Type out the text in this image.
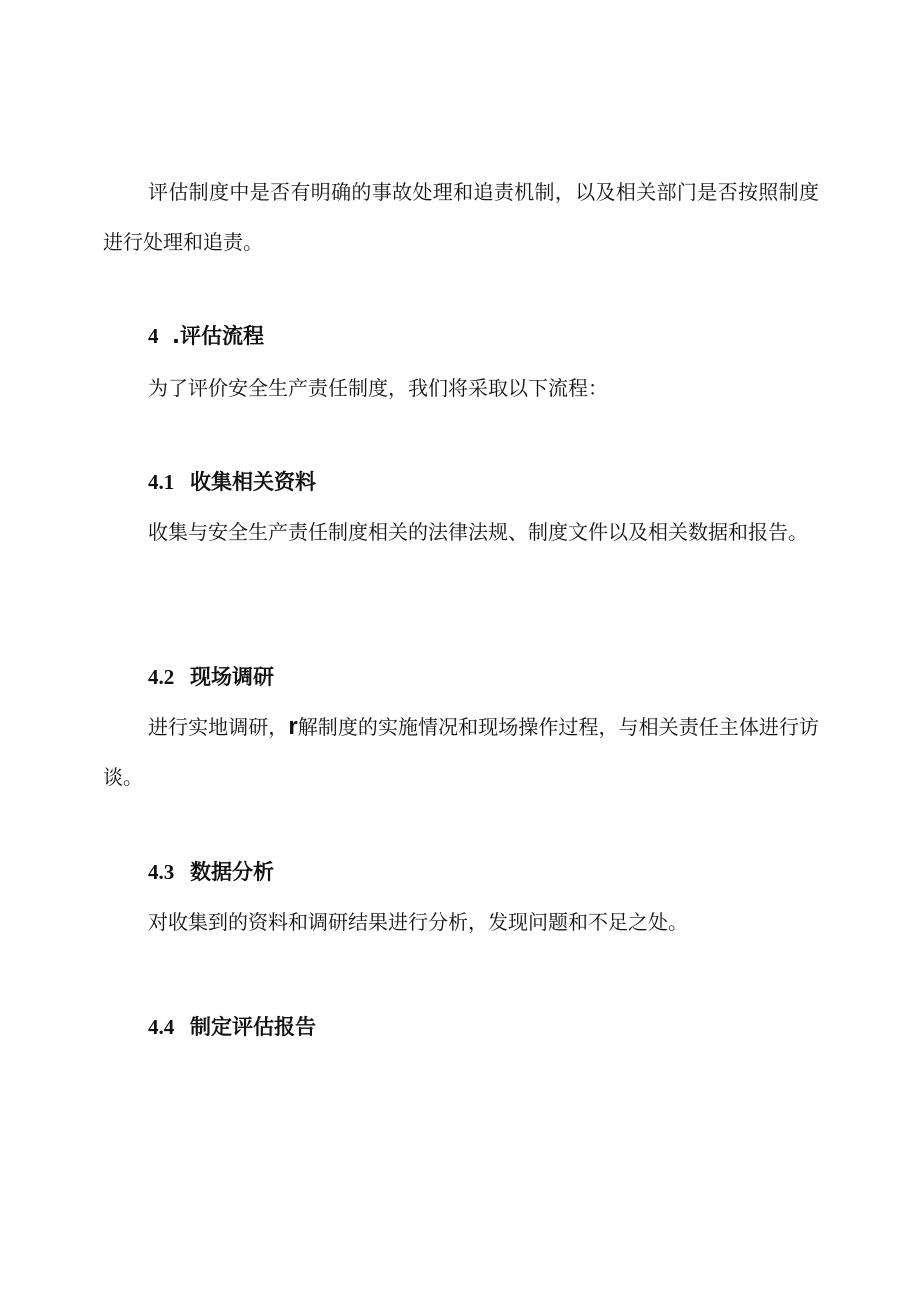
评估制度中是否有明确的事故处理和追责机制，以及相关部门是否按照制度进行处理和追责。

4 .评估流程

为了评价安全生产责任制度，我们将采取以下流程：

4.1 收集相关资料

收集与安全生产责任制度相关的法律法规、制度文件以及相关数据和报告。

4.2 现场调研

进行实地调研，r解制度的实施情况和现场操作过程，与相关责任主体进行访谈。

4.3 数据分析

对收集到的资料和调研结果进行分析，发现问题和不足之处。

4.4 制定评估报告
